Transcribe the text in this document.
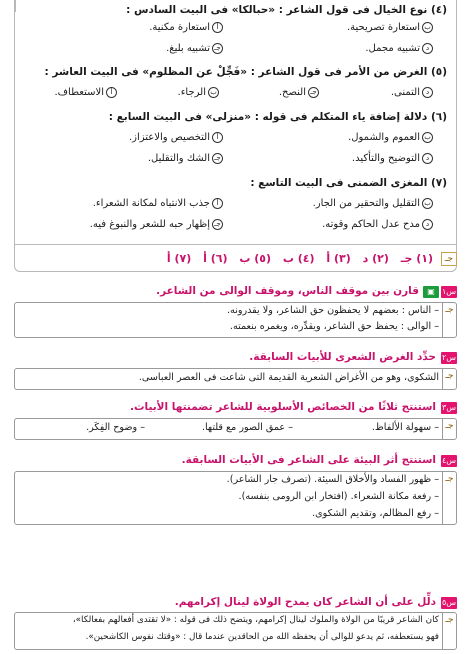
(٤) نوع الخيال فى قول الشاعر : «حبالكا» فى البيت السادس :
أاستعارة مكنية.	باستعارة تصريحية.
جـتشبيه بليغ.	دتشبيه مجمل.
(٥) الغرض من الأمر فى قول الشاعر : «فَجِّلْ عن المظلوم» فى البيت العاشر :
أالاستعطاف.	بالرجاء.	جـالنصح.	دالتمنى.
(٦) دلالة إضافة ياء المتكلم فى قوله : «منزلى» فى البيت السابع :
أالتخصيص والاعتزاز.	بالعموم والشمول.
جـالشك والتقليل.	دالتوضيح والتأكيد.
(٧) المغزى الضمنى فى البيت التاسع :
أجذب الانتباه لمكانة الشعراء.	بالتقليل والتحقير من الجار.
جـإظهار حبه للشعر والنبوغ فيه.	دمدح عدل الحاكم وقوته.
جـ
(١) جـ (٢) د (٣) أ (٤) ب (٥) ب (٦) أ (٧) أ
س١
▣
قارن بين موقف الناس، وموقف الوالى من الشاعر.
جـ
– الناس : بعضهم لا يحفظون حق الشاعر، ولا يقدرونه.
– الوالى : يحفظ حق الشاعر، ويقدِّره، ويغمره بنعمته.
س٢
حدِّد الغرض الشعرى للأبيات السابقة.
جـ
الشكوى، وهو من الأغراض الشعرية القديمة التى شاعت فى العصر العباسى.
س٣
استنتج ثلاثًا من الخصائص الأسلوبية للشاعر تضمنتها الأبيات.
جـ
– سهولة الألفاظ.
– عمق الصور مع قلتها.
– وضوح الفِكَر.
س٤
استنتج أثر البيئة على الشاعر فى الأبيات السابقة.
جـ
– ظهور الفساد والأخلاق السيئة. (تصرف جار الشاعر).
– رفعة مكانة الشعراء. (افتخار ابن الرومى بنفسه).
– رفع المظالم، وتقديم الشكوى.
س٥
دلِّل على أن الشاعر كان يمدح الولاة لينال إكرامهم.
جـ
كان الشاعر قريبًا من الولاة والملوك لينال إكرامهم، ويتضح ذلك فى قوله : «لا تقتدى أفعالهم بفعالكا»،
فهو يستعطفه، ثم يدعو للوالى أن يحفظه الله من الحاقدين عندما قال : «وقتك نفوس الكاشحين».
